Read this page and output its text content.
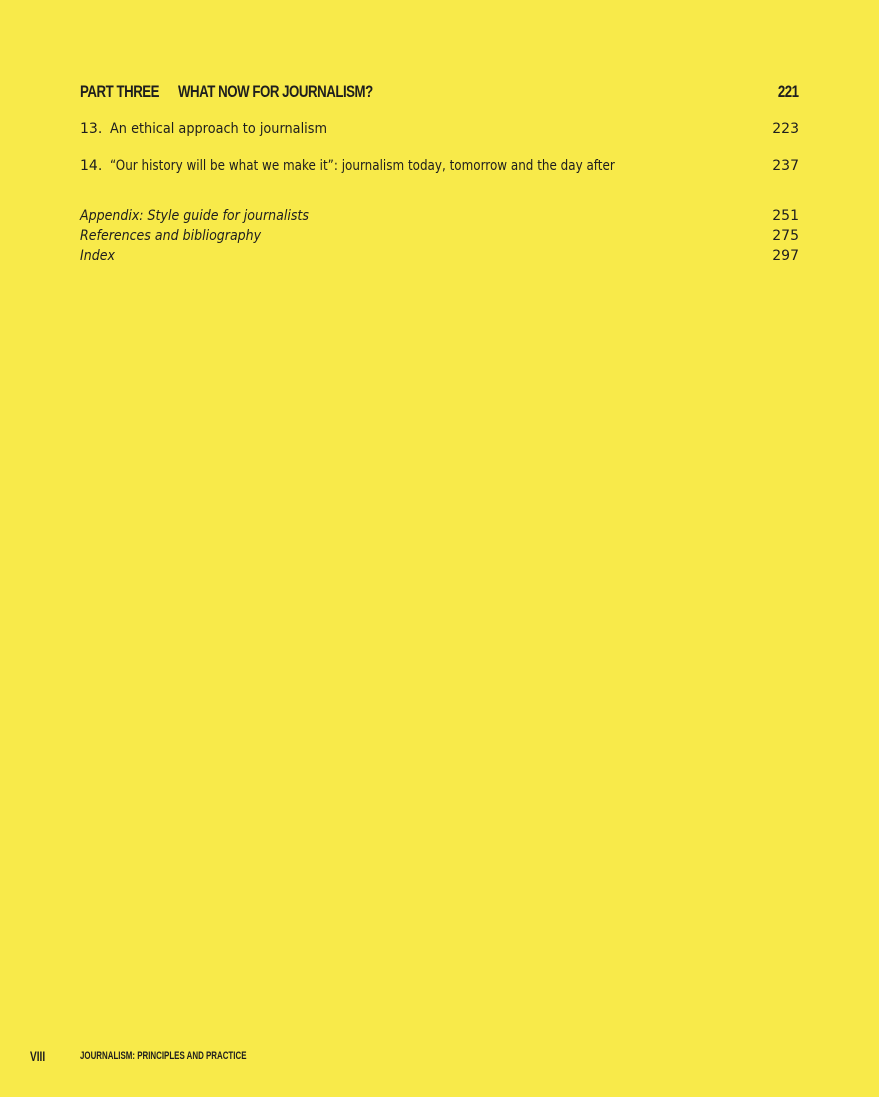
PART THREE WHAT NOW FOR JOURNALISM?	221
13. An ethical approach to journalism	223
14. “Our history will be what we make it”: journalism today, tomorrow and the day after	237
Appendix: Style guide for journalists	251
References and bibliography	275
Index	297
VIII	JOURNALISM: PRINCIPLES AND PRACTICE
